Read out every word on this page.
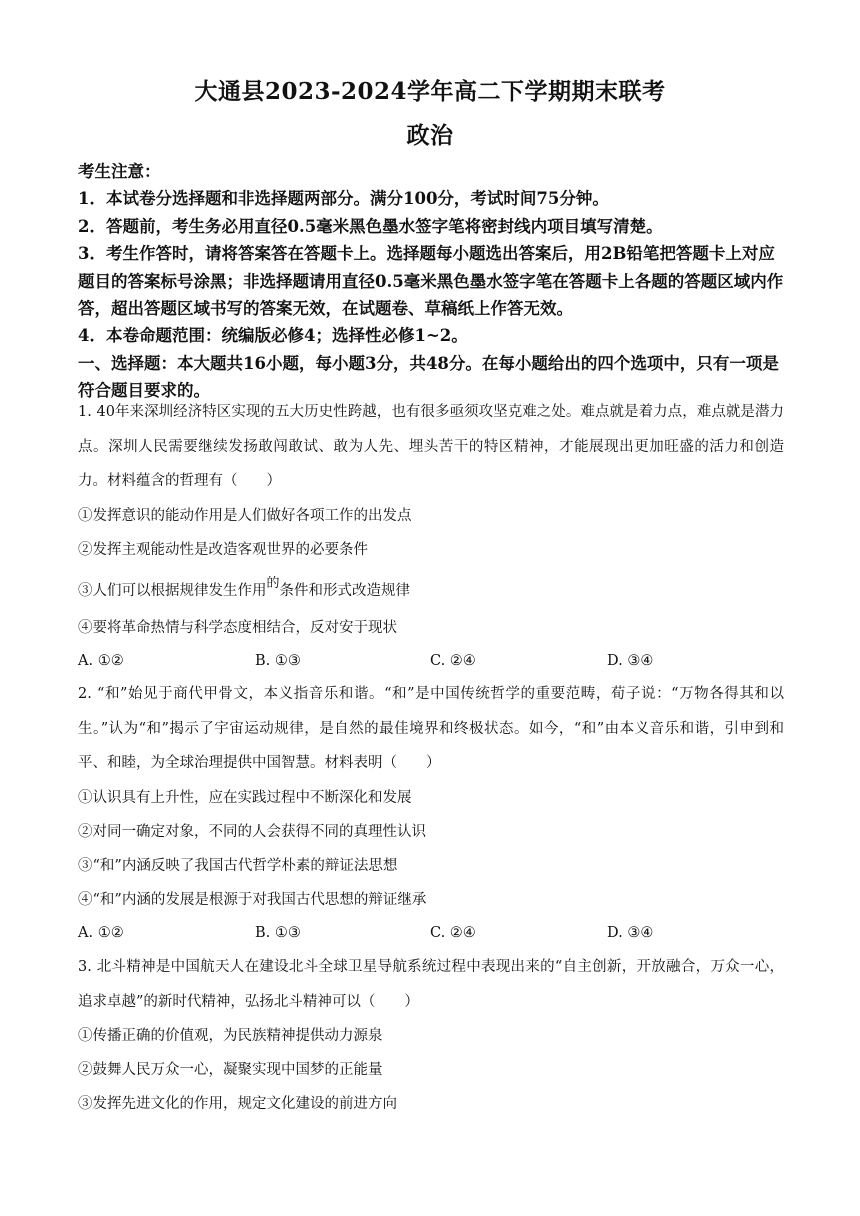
大通县2023-2024学年高二下学期期末联考
政治

考生注意：

1．本试卷分选择题和非选择题两部分。满分100分，考试时间75分钟。

2．答题前，考生务必用直径0.5毫米黑色墨水签字笔将密封线内项目填写清楚。

3．考生作答时，请将答案答在答题卡上。选择题每小题选出答案后，用2B铅笔把答题卡上对应题目的答案标号涂黑；非选择题请用直径0.5毫米黑色墨水签字笔在答题卡上各题的答题区域内作答，超出答题区域书写的答案无效，在试题卷、草稿纸上作答无效。

4．本卷命题范围：统编版必修4；选择性必修1~2。

一、选择题：本大题共16小题，每小题3分，共48分。在每小题给出的四个选项中，只有一项是符合题目要求的。

1. 40年来深圳经济特区实现的五大历史性跨越，也有很多亟须攻坚克难之处。难点就是着力点，难点就是潜力点。深圳人民需要继续发扬敢闯敢试、敢为人先、埋头苦干的特区精神，才能展现出更加旺盛的活力和创造力。材料蕴含的哲理有（　　）

①发挥意识的能动作用是人们做好各项工作的出发点

②发挥主观能动性是改造客观世界的必要条件

③人们可以根据规律发生作用的条件和形式改造规律

④要将革命热情与科学态度相结合，反对安于现状

A. ①②	B. ①③	C. ②④	D. ③④

2. “和”始见于商代甲骨文，本义指音乐和谐。“和”是中国传统哲学的重要范畴，荀子说：“万物各得其和以生。”认为“和”揭示了宇宙运动规律，是自然的最佳境界和终极状态。如今，“和”由本义音乐和谐，引申到和平、和睦，为全球治理提供中国智慧。材料表明（　　）

①认识具有上升性，应在实践过程中不断深化和发展

②对同一确定对象，不同的人会获得不同的真理性认识

③“和”内涵反映了我国古代哲学朴素的辩证法思想

④“和”内涵的发展是根源于对我国古代思想的辩证继承

A. ①②	B. ①③	C. ②④	D. ③④

3. 北斗精神是中国航天人在建设北斗全球卫星导航系统过程中表现出来的“自主创新，开放融合，万众一心，追求卓越”的新时代精神，弘扬北斗精神可以（　　）

①传播正确的价值观，为民族精神提供动力源泉

②鼓舞人民万众一心，凝聚实现中国梦的正能量

③发挥先进文化的作用，规定文化建设的前进方向
